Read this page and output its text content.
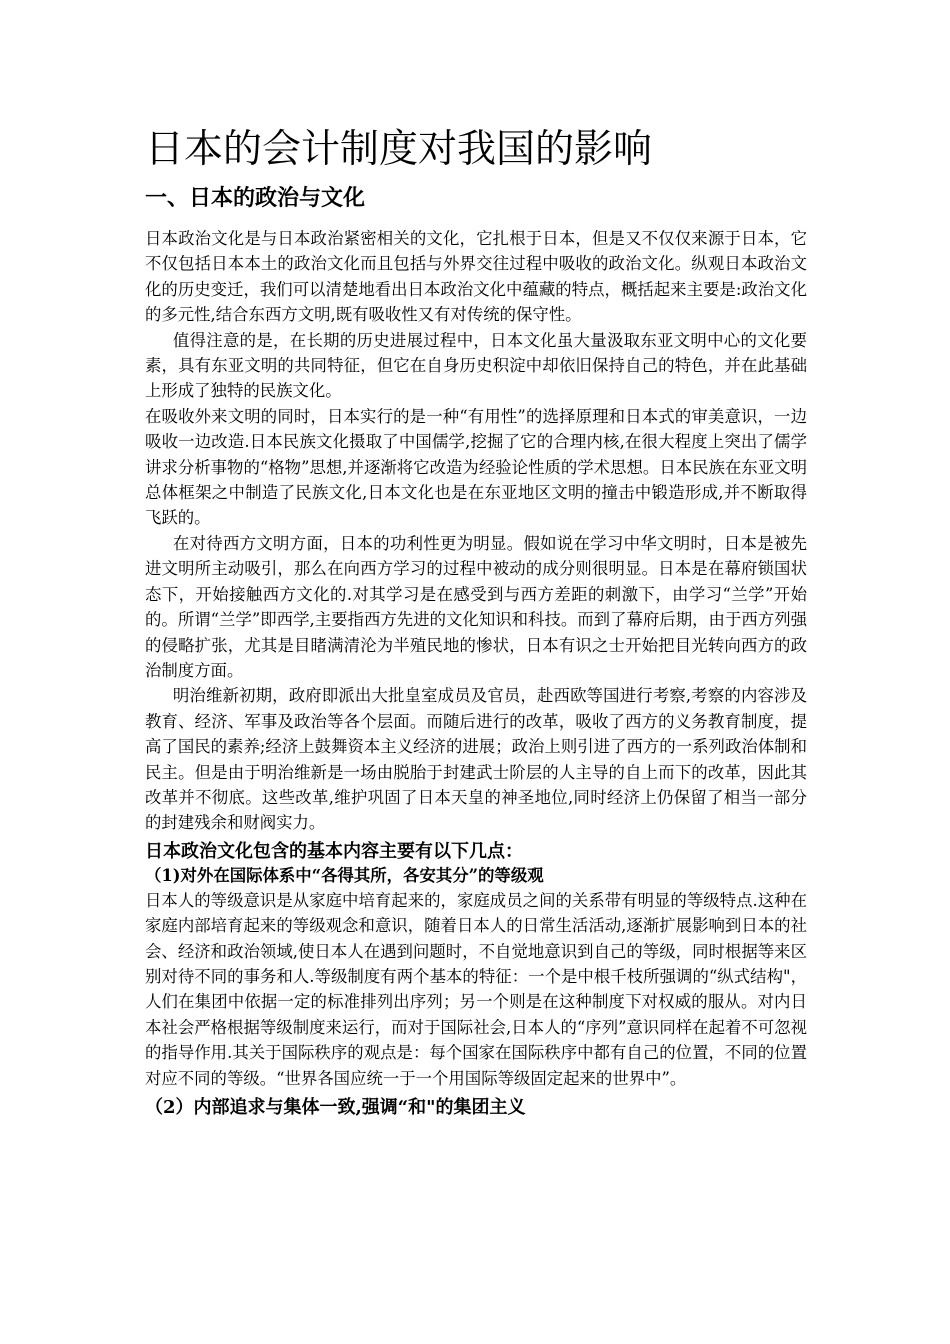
日本的会计制度对我国的影响
一、日本的政治与文化

日本政治文化是与日本政治紧密相关的文化，它扎根于日本，但是又不仅仅来源于日本，它不仅包括日本本土的政治文化而且包括与外界交往过程中吸收的政治文化。纵观日本政治文化的历史变迁，我们可以清楚地看出日本政治文化中蕴藏的特点，概括起来主要是:政治文化的多元性,结合东西方文明,既有吸收性又有对传统的保守性。

值得注意的是，在长期的历史进展过程中，日本文化虽大量汲取东亚文明中心的文化要素，具有东亚文明的共同特征，但它在自身历史积淀中却依旧保持自己的特色，并在此基础上形成了独特的民族文化。

在吸收外来文明的同时，日本实行的是一种“有用性”的选择原理和日本式的审美意识，一边吸收一边改造.日本民族文化摄取了中国儒学,挖掘了它的合理内核,在很大程度上突出了儒学讲求分析事物的“格物”思想,并逐渐将它改造为经验论性质的学术思想。日本民族在东亚文明总体框架之中制造了民族文化,日本文化也是在东亚地区文明的撞击中锻造形成,并不断取得飞跃的。

在对待西方文明方面，日本的功利性更为明显。假如说在学习中华文明时，日本是被先进文明所主动吸引，那么在向西方学习的过程中被动的成分则很明显。日本是在幕府锁国状态下，开始接触西方文化的.对其学习是在感受到与西方差距的刺激下，由学习“兰学”开始的。所谓“兰学”即西学,主要指西方先进的文化知识和科技。而到了幕府后期，由于西方列强的侵略扩张，尤其是目睹满清沦为半殖民地的惨状，日本有识之士开始把目光转向西方的政治制度方面。

明治维新初期，政府即派出大批皇室成员及官员，赴西欧等国进行考察,考察的内容涉及教育、经济、军事及政治等各个层面。而随后进行的改革，吸收了西方的义务教育制度，提高了国民的素养;经济上鼓舞资本主义经济的进展；政治上则引进了西方的一系列政治体制和民主。但是由于明治维新是一场由脱胎于封建武士阶层的人主导的自上而下的改革，因此其改革并不彻底。这些改革,维护巩固了日本天皇的神圣地位,同时经济上仍保留了相当一部分的封建残余和财阀实力。

日本政治文化包含的基本内容主要有以下几点：
（1)对外在国际体系中“各得其所，各安其分”的等级观

日本人的等级意识是从家庭中培育起来的，家庭成员之间的关系带有明显的等级特点.这种在家庭内部培育起来的等级观念和意识，随着日本人的日常生活活动,逐渐扩展影响到日本的社会、经济和政治领域,使日本人在遇到问题时，不自觉地意识到自己的等级，同时根据等来区别对待不同的事务和人.等级制度有两个基本的特征：一个是中根千枝所强调的“纵式结构"，人们在集团中依据一定的标准排列出序列；另一个则是在这种制度下对权威的服从。对内日本社会严格根据等级制度来运行，而对于国际社会,日本人的“序列”意识同样在起着不可忽视的指导作用.其关于国际秩序的观点是：每个国家在国际秩序中都有自己的位置，不同的位置对应不同的等级。“世界各国应统一于一个用国际等级固定起来的世界中”。

（2）内部追求与集体一致,强调“和"的集团主义
